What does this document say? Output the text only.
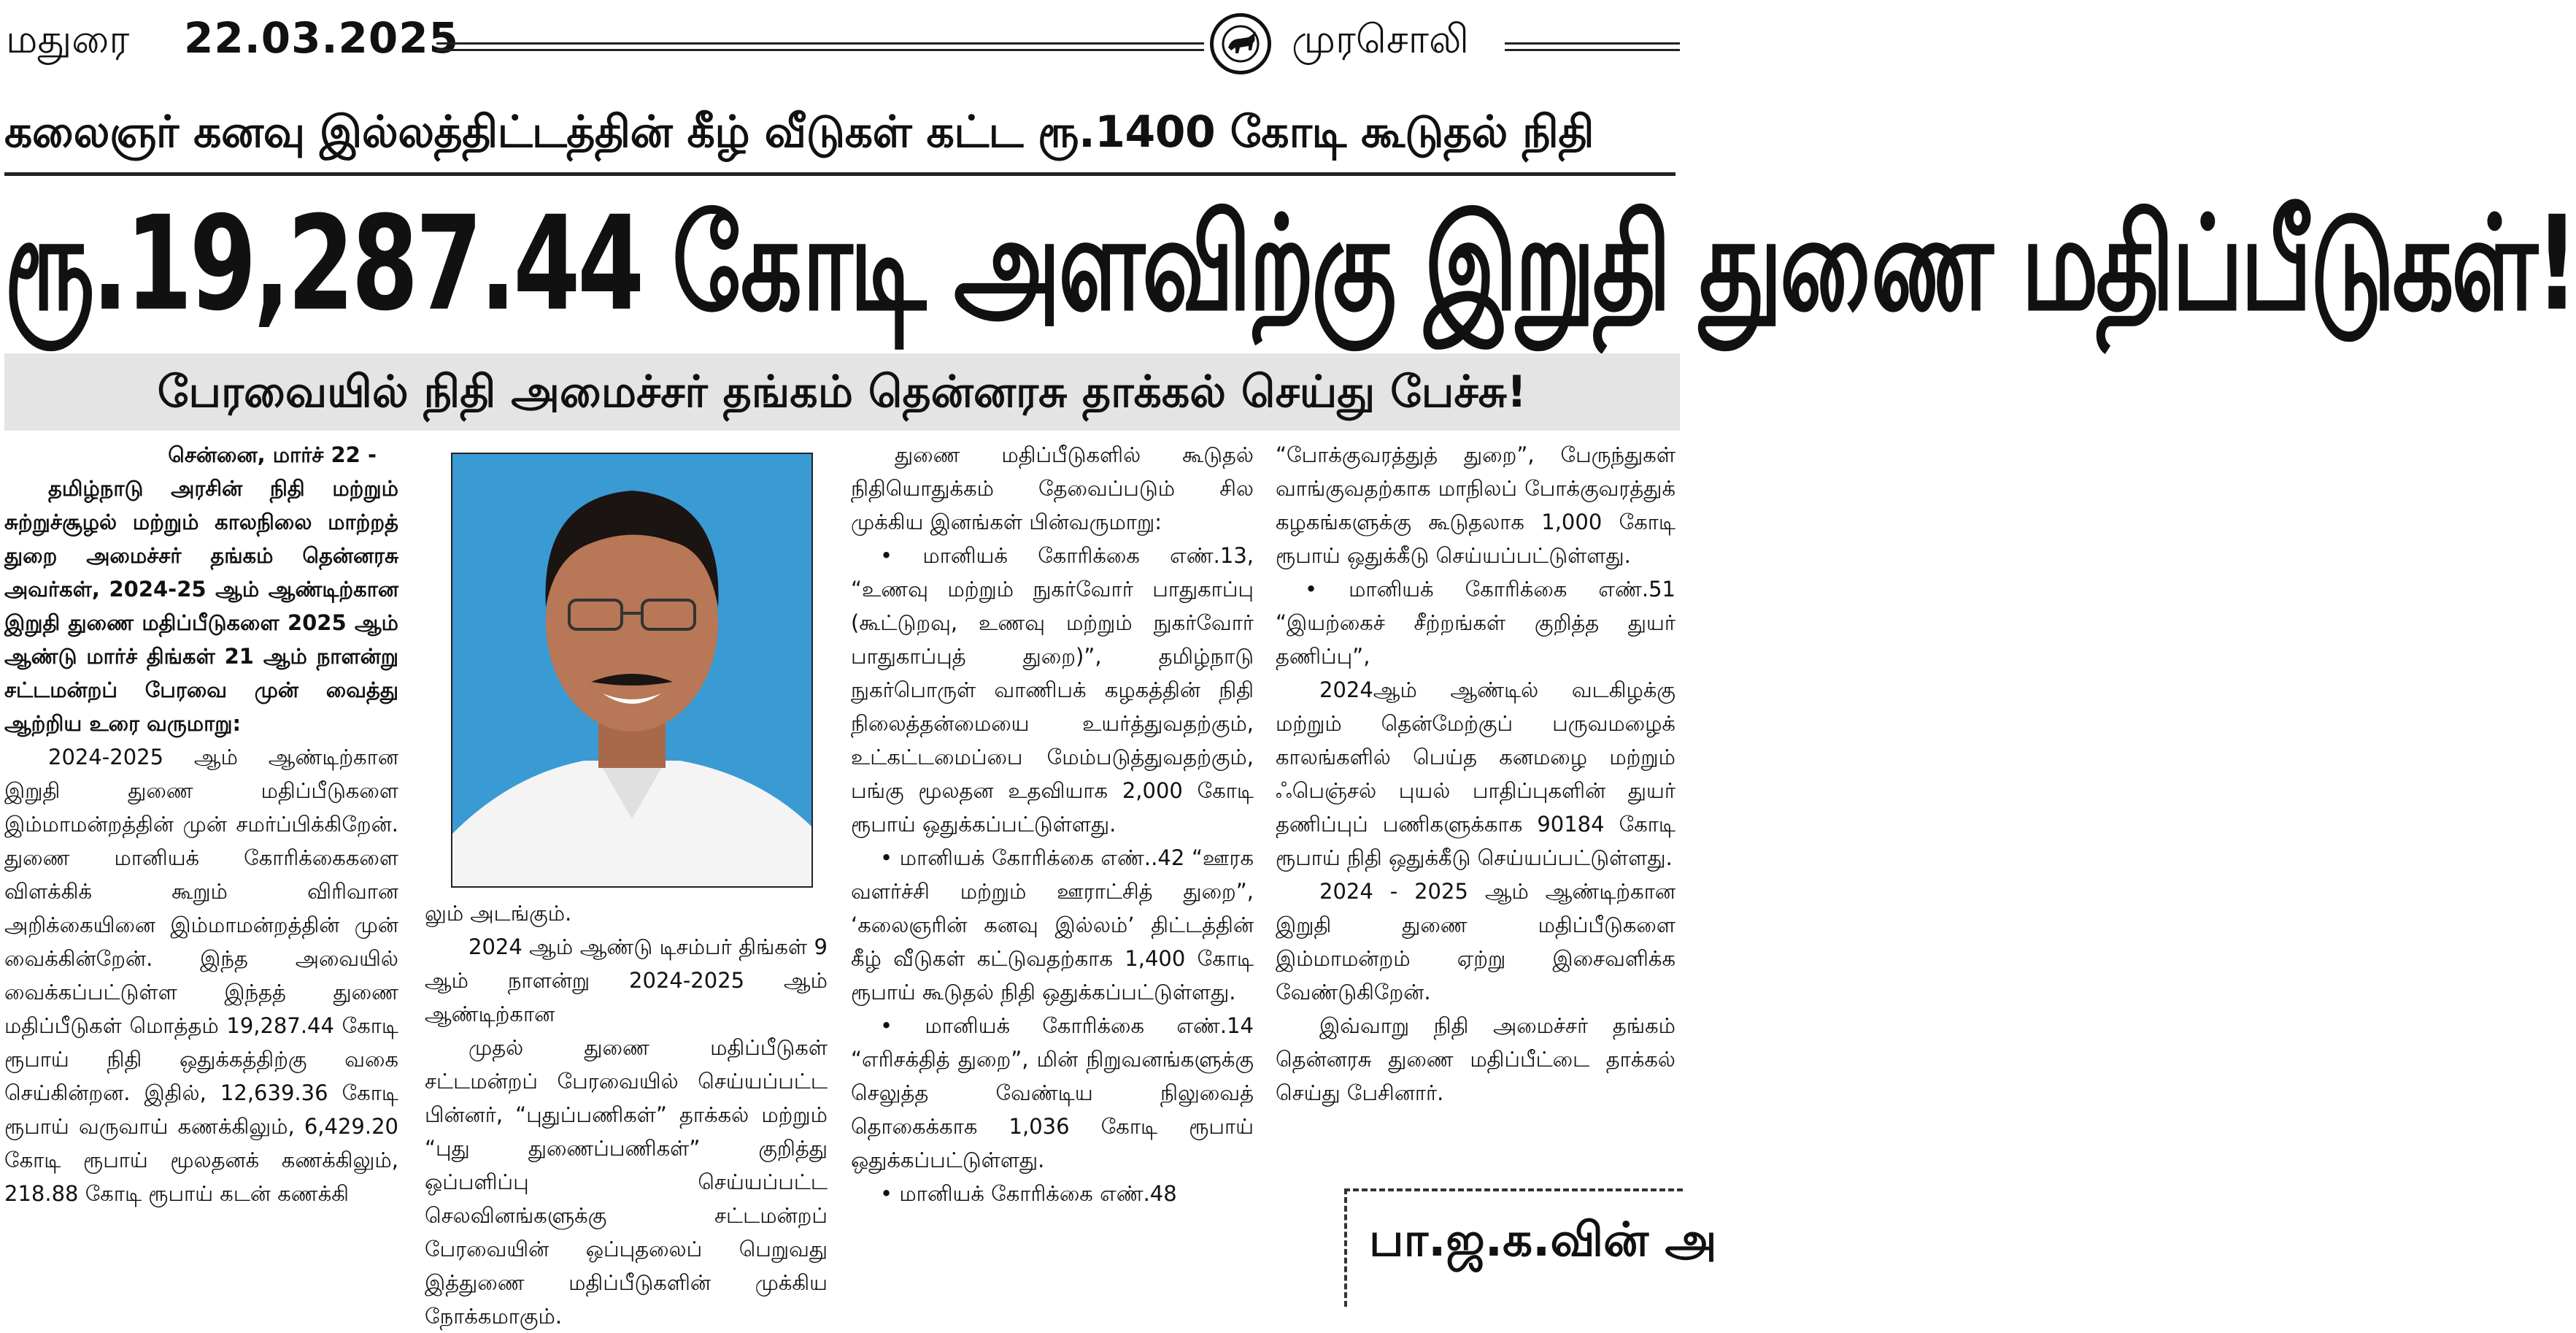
மதுரை 22.03.2025	முரசொலி
கலைஞர் கனவு இல்லத்திட்டத்தின் கீழ் வீடுகள் கட்ட ரூ.1400 கோடி கூடுதல் நிதி
ரூ.19,287.44 கோடி அளவிற்கு இறுதி துணை மதிப்பீடுகள்!
பேரவையில் நிதி அமைச்சர் தங்கம் தென்னரசு தாக்கல் செய்து பேச்சு!

சென்னை, மார்ச் 22 -

தமிழ்நாடு அரசின் நிதி மற்றும் சுற்றுச்சூழல் மற்றும் காலநிலை மாற்றத் துறை அமைச்சர் தங்கம் தென்னரசு அவர்கள், 2024-25 ஆம் ஆண்டிற்கான இறுதி துணை மதிப்பீடுகளை 2025 ஆம் ஆண்டு மார்ச் திங்கள் 21 ஆம் நாளன்று சட்டமன்றப் பேரவை முன் வைத்து ஆற்றிய உரை வருமாறு:

2024-2025 ஆம் ஆண்டிற்கான இறுதி துணை மதிப்பீடுகளை இம்மாமன்றத்தின் முன் சமர்ப்பிக்கிறேன். துணை மானியக் கோரிக்கைகளை விளக்கிக் கூறும் விரிவான அறிக்கையினை இம்மாமன்றத்தின் முன் வைக்கின்றேன். இந்த அவையில் வைக்கப்பட்டுள்ள இந்தத் துணை மதிப்பீடுகள் மொத்தம் 19,287.44 கோடி ரூபாய் நிதி ஒதுக்கத்திற்கு வகை செய்கின்றன. இதில், 12,639.36 கோடி ரூபாய் வருவாய் கணக்கிலும், 6,429.20 கோடி ரூபாய் மூலதனக் கணக்கிலும், 218.88 கோடி ரூபாய் கடன் கணக்கி

லும் அடங்கும்.

2024 ஆம் ஆண்டு டிசம்பர் திங்கள் 9 ஆம் நாளன்று 2024-2025 ஆம் ஆண்டிற்கான

முதல் துணை மதிப்பீடுகள் சட்டமன்றப் பேரவையில் செய்யப்பட்ட பின்னர், “புதுப்பணிகள்” தாக்கல் மற்றும் “புது துணைப்பணிகள்” குறித்து ஒப்பளிப்பு செய்யப்பட்ட செலவினங்களுக்கு சட்டமன்றப் பேரவையின் ஒப்புதலைப் பெறுவது இத்துணை மதிப்பீடுகளின் முக்கிய நோக்கமாகும்.

துணை மதிப்பீடுகளில் கூடுதல் நிதியொதுக்கம் தேவைப்படும் சில முக்கிய இனங்கள் பின்வருமாறு:

• மானியக் கோரிக்கை எண்.13, “உணவு மற்றும் நுகர்வோர் பாதுகாப்பு (கூட்டுறவு, உணவு மற்றும் நுகர்வோர் பாதுகாப்புத் துறை)”, தமிழ்நாடு நுகர்பொருள் வாணிபக் கழகத்தின் நிதி நிலைத்தன்மையை உயர்த்துவதற்கும், உட்கட்டமைப்பை மேம்படுத்துவதற்கும், பங்கு மூலதன உதவியாக 2,000 கோடி ரூபாய் ஒதுக்கப்பட்டுள்ளது.

• மானியக் கோரிக்கை எண்..42 “ஊரக வளர்ச்சி மற்றும் ஊராட்சித் துறை”, ‘கலைஞரின் கனவு இல்லம்’ திட்டத்தின் கீழ் வீடுகள் கட்டுவதற்காக 1,400 கோடி ரூபாய் கூடுதல் நிதி ஒதுக்கப்பட்டுள்ளது.

• மானியக் கோரிக்கை எண்.14 “எரிசக்தித் துறை”, மின் நிறுவனங்களுக்கு செலுத்த வேண்டிய நிலுவைத் தொகைக்காக 1,036 கோடி ரூபாய் ஒதுக்கப்பட்டுள்ளது.

• மானியக் கோரிக்கை எண்.48

“போக்குவரத்துத் துறை”, பேருந்துகள் வாங்குவதற்காக மாநிலப் போக்குவரத்துக் கழகங்களுக்கு கூடுதலாக 1,000 கோடி ரூபாய் ஒதுக்கீடு செய்யப்பட்டுள்ளது.

• மானியக் கோரிக்கை எண்.51 “இயற்கைச் சீற்றங்கள் குறித்த துயர் தணிப்பு”,

2024ஆம் ஆண்டில் வடகிழக்கு மற்றும் தென்மேற்குப் பருவமழைக் காலங்களில் பெய்த கனமழை மற்றும் ஃபெஞ்சல் புயல் பாதிப்புகளின் துயர் தணிப்புப் பணிகளுக்காக 90184 கோடி ரூபாய் நிதி ஒதுக்கீடு செய்யப்பட்டுள்ளது.

2024 - 2025 ஆம் ஆண்டிற்கான இறுதி துணை மதிப்பீடுகளை இம்மாமன்றம் ஏற்று இசைவளிக்க வேண்டுகிறேன்.

இவ்வாறு நிதி அமைச்சர் தங்கம் தென்னரசு துணை மதிப்பீட்டை தாக்கல் செய்து பேசினார்.

பா.ஜ.க.வின் அ
